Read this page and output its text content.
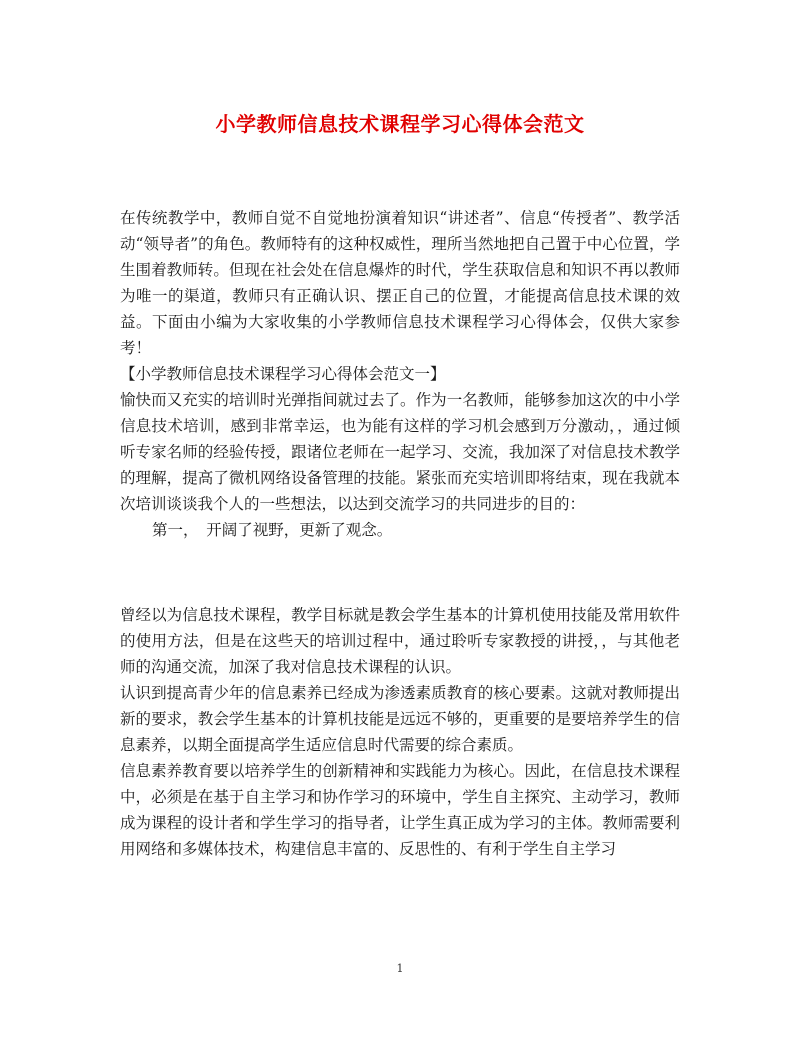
小学教师信息技术课程学习心得体会范文

在传统教学中，教师自觉不自觉地扮演着知识“讲述者”、信息“传授者”、教学活动“领导者”的角色。教师特有的这种权威性，理所当然地把自己置于中心位置，学生围着教师转。但现在社会处在信息爆炸的时代，学生获取信息和知识不再以教师为唯一的渠道，教师只有正确认识、摆正自己的位置，才能提高信息技术课的效益。下面由小编为大家收集的小学教师信息技术课程学习心得体会，仅供大家参考！

【小学教师信息技术课程学习心得体会范文一】

愉快而又充实的培训时光弹指间就过去了。作为一名教师，能够参加这次的中小学信息技术培训，感到非常幸运，也为能有这样的学习机会感到万分激动，，通过倾听专家名师的经验传授，跟诸位老师在一起学习、交流，我加深了对信息技术教学的理解，提高了微机网络设备管理的技能。紧张而充实培训即将结束，现在我就本次培训谈谈我个人的一些想法，以达到交流学习的共同进步的目的：

第一，　开阔了视野，更新了观念。

曾经以为信息技术课程，教学目标就是教会学生基本的计算机使用技能及常用软件的使用方法，但是在这些天的培训过程中，通过聆听专家教授的讲授，，与其他老师的沟通交流，加深了我对信息技术课程的认识。

认识到提高青少年的信息素养已经成为渗透素质教育的核心要素。这就对教师提出新的要求，教会学生基本的计算机技能是远远不够的，更重要的是要培养学生的信息素养，以期全面提高学生适应信息时代需要的综合素质。

信息素养教育要以培养学生的创新精神和实践能力为核心。因此，在信息技术课程中，必须是在基于自主学习和协作学习的环境中，学生自主探究、主动学习，教师成为课程的设计者和学生学习的指导者，让学生真正成为学习的主体。教师需要利用网络和多媒体技术，构建信息丰富的、反思性的、有利于学生自主学习

1
